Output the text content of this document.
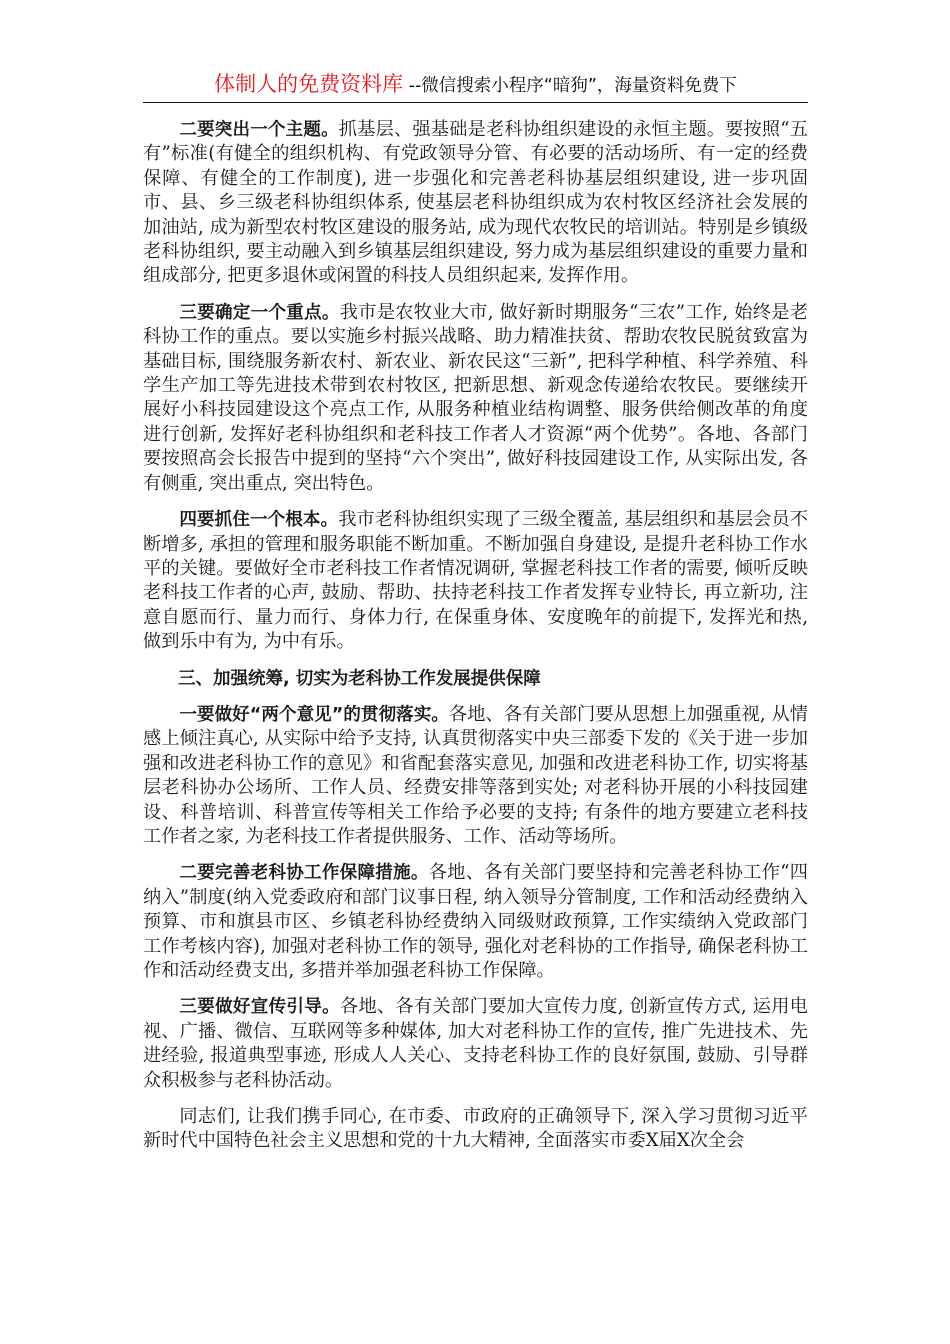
体制人的免费资料库 --微信搜索小程序“暗狗”，海量资料免费下

二要突出一个主题。抓基层、强基础是老科协组织建设的永恒主题。要按照“五有”标准(有健全的组织机构、有党政领导分管、有必要的活动场所、有一定的经费保障、有健全的工作制度), 进一步强化和完善老科协基层组织建设, 进一步巩固市、县、乡三级老科协组织体系, 使基层老科协组织成为农村牧区经济社会发展的加油站, 成为新型农村牧区建设的服务站, 成为现代农牧民的培训站。特别是乡镇级老科协组织, 要主动融入到乡镇基层组织建设, 努力成为基层组织建设的重要力量和组成部分, 把更多退休或闲置的科技人员组织起来, 发挥作用。

三要确定一个重点。我市是农牧业大市, 做好新时期服务“三农”工作, 始终是老科协工作的重点。要以实施乡村振兴战略、助力精准扶贫、帮助农牧民脱贫致富为基础目标, 围绕服务新农村、新农业、新农民这“三新”, 把科学种植、科学养殖、科学生产加工等先进技术带到农村牧区, 把新思想、新观念传递给农牧民。要继续开展好小科技园建设这个亮点工作, 从服务种植业结构调整、服务供给侧改革的角度进行创新, 发挥好老科协组织和老科技工作者人才资源“两个优势”。各地、各部门要按照高会长报告中提到的坚持“六个突出”, 做好科技园建设工作, 从实际出发, 各有侧重, 突出重点, 突出特色。

四要抓住一个根本。我市老科协组织实现了三级全覆盖, 基层组织和基层会员不断增多, 承担的管理和服务职能不断加重。不断加强自身建设, 是提升老科协工作水平的关键。要做好全市老科技工作者情况调研, 掌握老科技工作者的需要, 倾听反映老科技工作者的心声, 鼓励、帮助、扶持老科技工作者发挥专业特长, 再立新功, 注意自愿而行、量力而行、身体力行, 在保重身体、安度晚年的前提下, 发挥光和热, 做到乐中有为, 为中有乐。

三、加强统筹, 切实为老科协工作发展提供保障

一要做好“两个意见”的贯彻落实。各地、各有关部门要从思想上加强重视, 从情感上倾注真心, 从实际中给予支持, 认真贯彻落实中央三部委下发的《关于进一步加强和改进老科协工作的意见》和省配套落实意见, 加强和改进老科协工作, 切实将基层老科协办公场所、工作人员、经费安排等落到实处; 对老科协开展的小科技园建设、科普培训、科普宣传等相关工作给予必要的支持; 有条件的地方要建立老科技工作者之家, 为老科技工作者提供服务、工作、活动等场所。

二要完善老科协工作保障措施。各地、各有关部门要坚持和完善老科协工作“四纳入”制度(纳入党委政府和部门议事日程, 纳入领导分管制度, 工作和活动经费纳入预算、市和旗县市区、乡镇老科协经费纳入同级财政预算, 工作实绩纳入党政部门工作考核内容), 加强对老科协工作的领导, 强化对老科协的工作指导, 确保老科协工作和活动经费支出, 多措并举加强老科协工作保障。

三要做好宣传引导。各地、各有关部门要加大宣传力度, 创新宣传方式, 运用电视、广播、微信、互联网等多种媒体, 加大对老科协工作的宣传, 推广先进技术、先进经验, 报道典型事迹, 形成人人关心、支持老科协工作的良好氛围, 鼓励、引导群众积极参与老科协活动。

同志们, 让我们携手同心, 在市委、市政府的正确领导下, 深入学习贯彻习近平新时代中国特色社会主义思想和党的十九大精神, 全面落实市委X届X次全会
